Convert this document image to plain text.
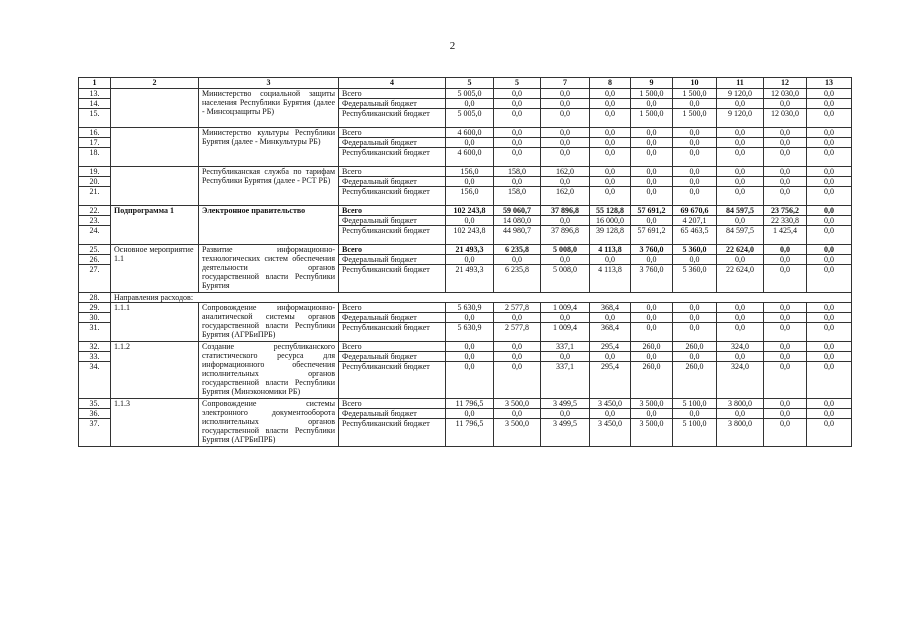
2
1	2	3	4	5	5	7	8	9	10	11	12	13
13.		Министерство социальной защиты населения Республики Бурятия (далее - Минсоцзащиты РБ)	Всего	5 005,0	0,0	0,0	0,0	1 500,0	1 500,0	9 120,0	12 030,0	0,0
14.			Федеральный бюджет	0,0	0,0	0,0	0,0	0,0	0,0	0,0	0,0	0,0
15.			Республиканский бюджет	5 005,0	0,0	0,0	0,0	1 500,0	1 500,0	9 120,0	12 030,0	0,0
16.		Министерство культуры Республики Бурятия (далее - Минкультуры РБ)	Всего	4 600,0	0,0	0,0	0,0	0,0	0,0	0,0	0,0	0,0
17.			Федеральный бюджет	0,0	0,0	0,0	0,0	0,0	0,0	0,0	0,0	0,0
18.			Республиканский бюджет	4 600,0	0,0	0,0	0,0	0,0	0,0	0,0	0,0	0,0
19.		Республиканская служба по тарифам Республики Бурятия (далее - РСТ РБ)	Всего	156,0	158,0	162,0	0,0	0,0	0,0	0,0	0,0	0,0
20.			Федеральный бюджет	0,0	0,0	0,0	0,0	0,0	0,0	0,0	0,0	0,0
21.			Республиканский бюджет	156,0	158,0	162,0	0,0	0,0	0,0	0,0	0,0	0,0
22.	Подпрограмма 1	Электронное правительство	Всего	102 243,8	59 060,7	37 896,8	55 128,8	57 691,2	69 670,6	84 597,5	23 756,2	0,0
23.			Федеральный бюджет	0,0	14 080,0	0,0	16 000,0	0,0	4 207,1	0,0	22 330,8	0,0
24.			Республиканский бюджет	102 243,8	44 980,7	37 896,8	39 128,8	57 691,2	65 463,5	84 597,5	1 425,4	0,0
25.	Основное мероприятие 1.1	Развитие информационно-технологических систем обеспечения деятельности органов государственной власти Республики Бурятия	Всего	21 493,3	6 235,8	5 008,0	4 113,8	3 760,0	5 360,0	22 624,0	0,0	0,0
26.			Федеральный бюджет	0,0	0,0	0,0	0,0	0,0	0,0	0,0	0,0	0,0
27.			Республиканский бюджет	21 493,3	6 235,8	5 008,0	4 113,8	3 760,0	5 360,0	22 624,0	0,0	0,0
28.	Направления расходов:											
29.	1.1.1	Сопровождение информационно-аналитической системы органов государственной власти Республики Бурятия (АГРБиПРБ)	Всего	5 630,9	2 577,8	1 009,4	368,4	0,0	0,0	0,0	0,0	0,0
30.			Федеральный бюджет	0,0	0,0	0,0	0,0	0,0	0,0	0,0	0,0	0,0
31.			Республиканский бюджет	5 630,9	2 577,8	1 009,4	368,4	0,0	0,0	0,0	0,0	0,0
32.	1.1.2	Создание республиканского статистического ресурса для информационного обеспечения исполнительных органов государственной власти Республики Бурятия (Минэкономики РБ)	Всего	0,0	0,0	337,1	295,4	260,0	260,0	324,0	0,0	0,0
33.			Федеральный бюджет	0,0	0,0	0,0	0,0	0,0	0,0	0,0	0,0	0,0
34.			Республиканский бюджет	0,0	0,0	337,1	295,4	260,0	260,0	324,0	0,0	0,0
35.	1.1.3	Сопровождение системы электронного документооборота исполнительных органов государственной власти Республики Бурятия (АГРБиПРБ)	Всего	11 796,5	3 500,0	3 499,5	3 450,0	3 500,0	5 100,0	3 800,0	0,0	0,0
36.			Федеральный бюджет	0,0	0,0	0,0	0,0	0,0	0,0	0,0	0,0	0,0
37.			Республиканский бюджет	11 796,5	3 500,0	3 499,5	3 450,0	3 500,0	5 100,0	3 800,0	0,0	0,0
